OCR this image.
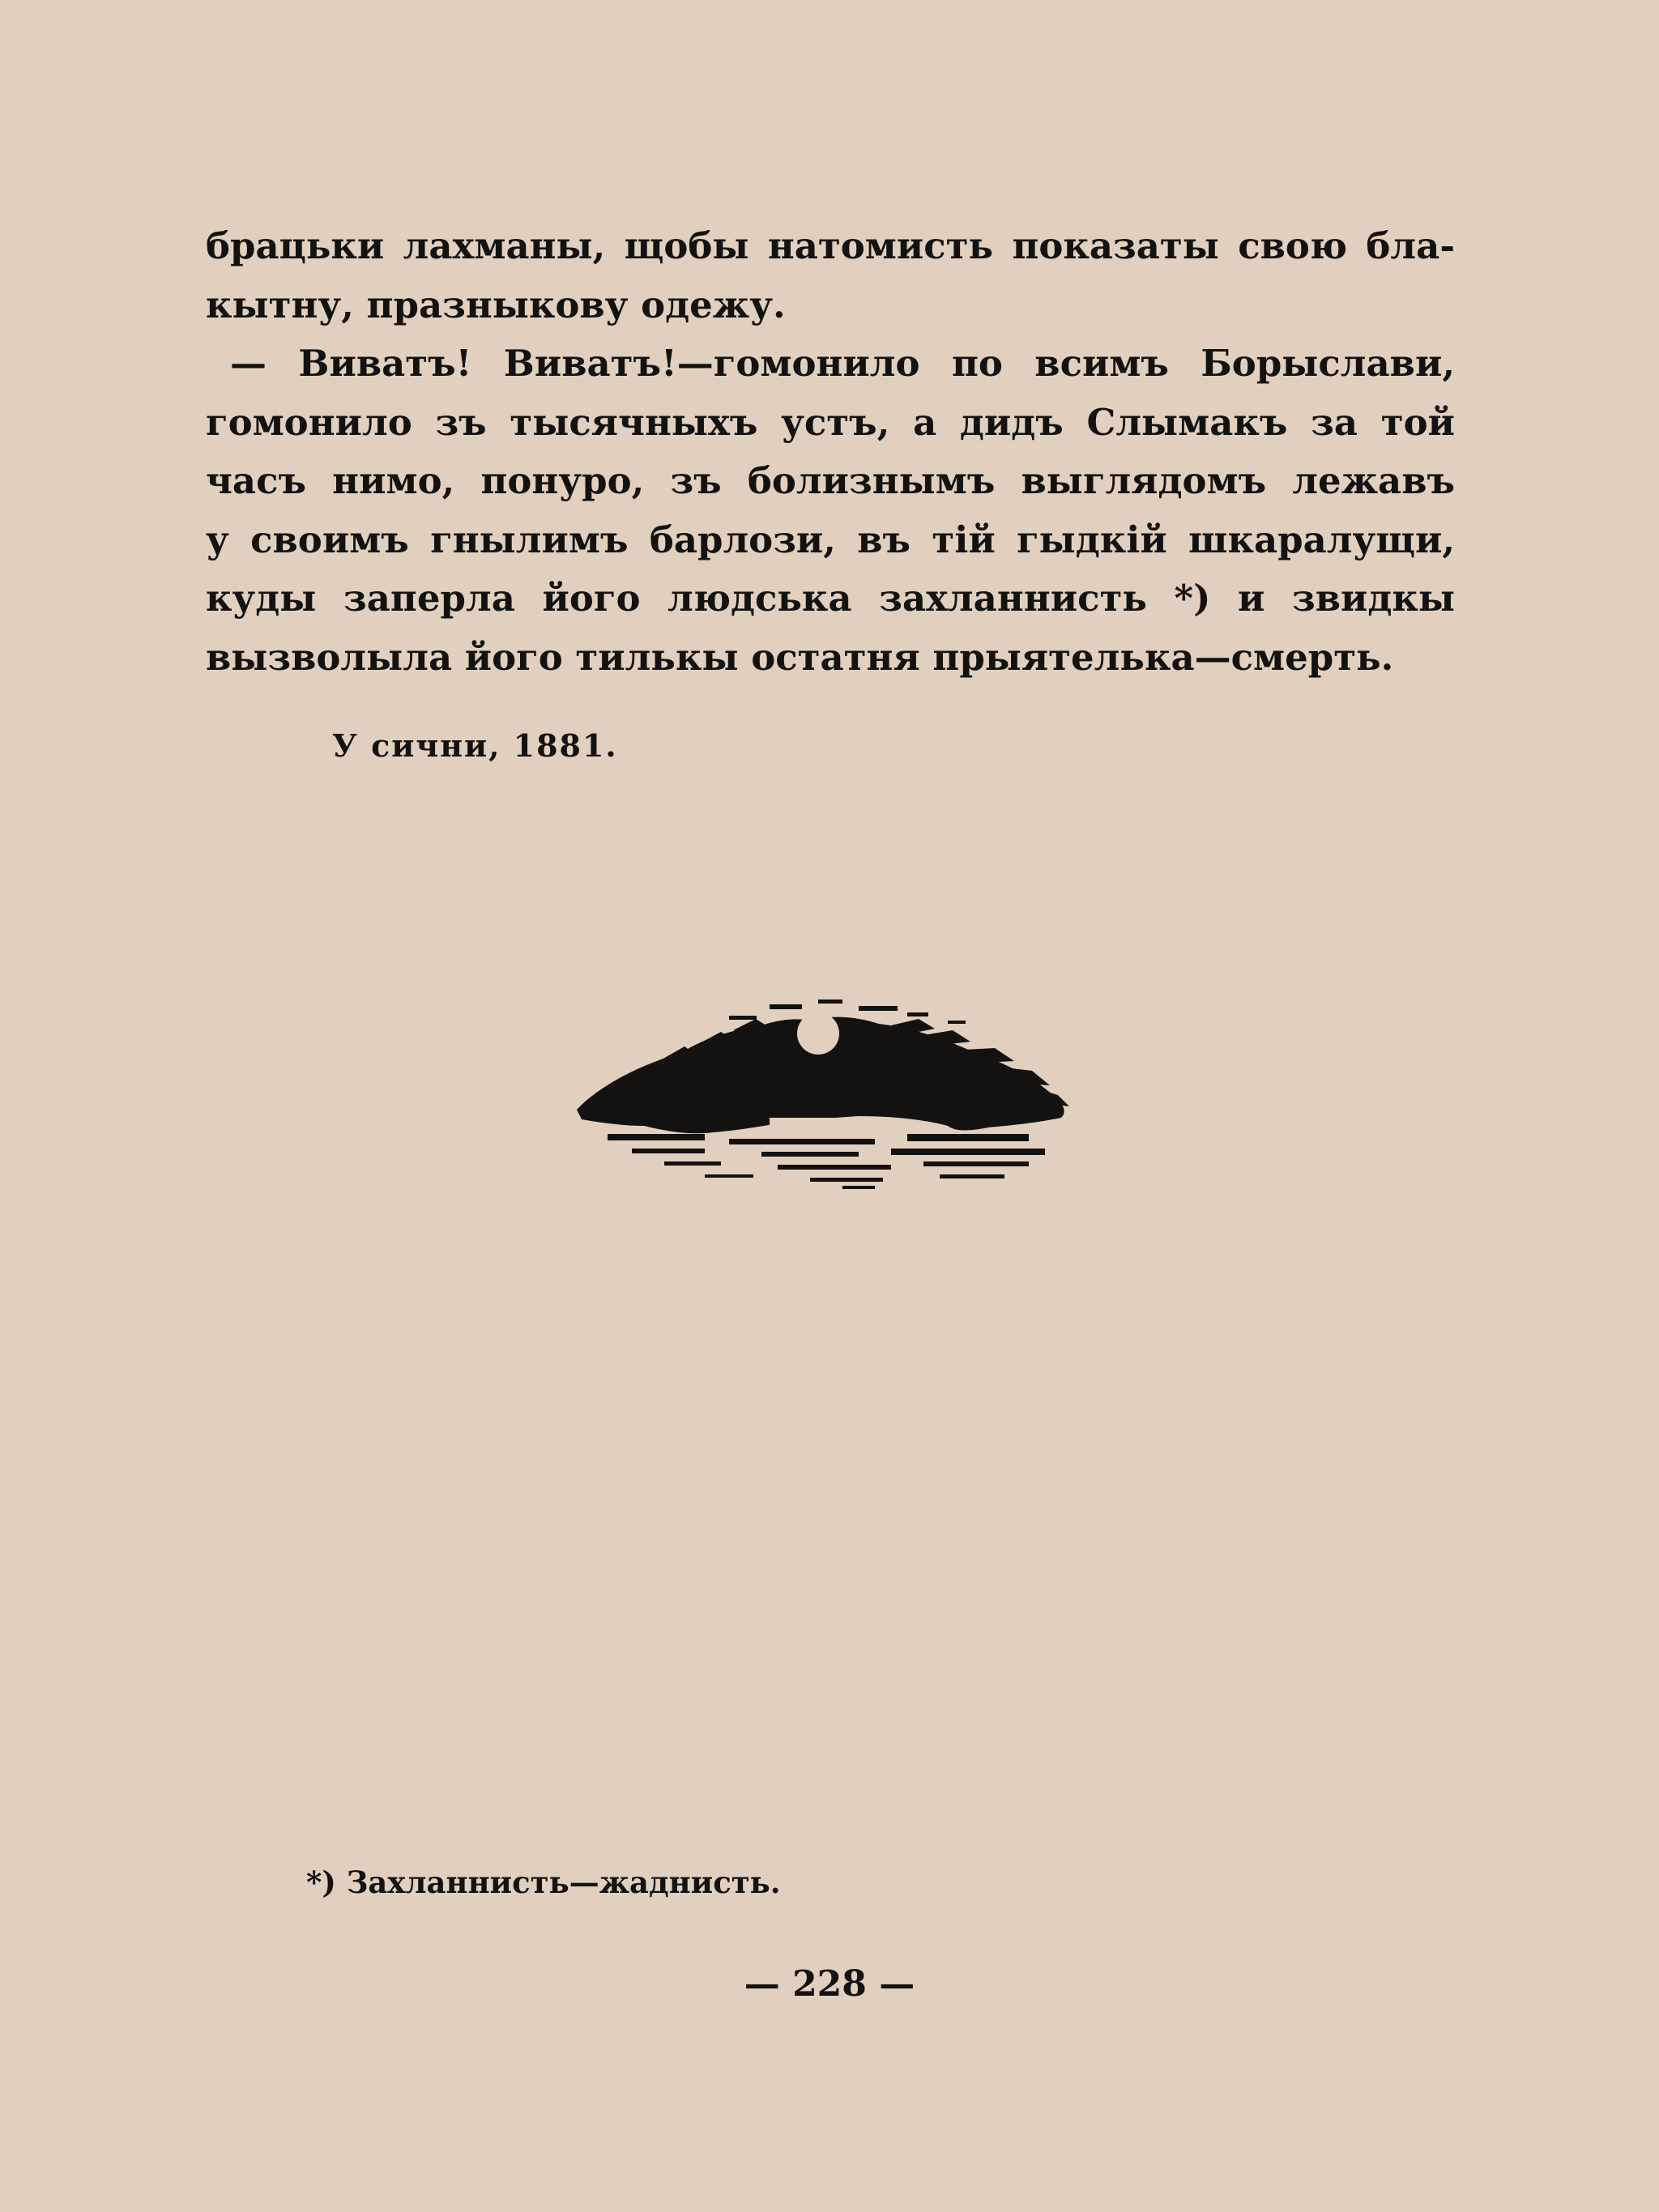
брацьки лахманы, щобы натомисть показаты свою бла-
кытну, празныкову одежу.
— Виватъ! Виватъ!—гомонило по всимъ Борыслави,
гомонило зъ тысячныхъ устъ, а дидъ Слымакъ за той
часъ нимо, понуро, зъ болизнымъ выглядомъ лежавъ
у своимъ гнылимъ барлози, въ тій гыдкій шкаралущи,
куды заперла його людська захланнисть *) и звидкы
вызволыла його тилькы остатня прыятелька—смерть.
У сични, 1881.
*) Захланнисть—жаднисть.
— 228 —
